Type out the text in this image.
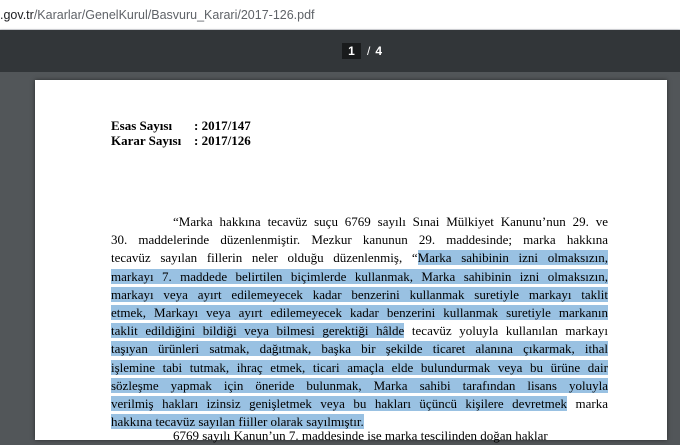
.gov.tr/Kararlar/GenelKurul/Basvuru_Karari/2017-126.pdf
1	/ 4
Esas Sayısı : 2017/147
Karar Sayısı : 2017/126
“Marka hakkına tecavüz suçu 6769 sayılı Sınai Mülkiyet Kanunu’nun 29. ve
30. maddelerinde düzenlenmiştir. Mezkur kanunun 29. maddesinde; marka hakkına
tecavüz sayılan fillerin neler olduğu düzenlenmiş, “Marka sahibinin izni olmaksızın,
markayı 7. maddede belirtilen biçimlerde kullanmak, Marka sahibinin izni olmaksızın,
markayı veya ayırt edilemeyecek kadar benzerini kullanmak suretiyle markayı taklit
etmek, Markayı veya ayırt edilemeyecek kadar benzerini kullanmak suretiyle markanın
taklit edildiğini bildiği veya bilmesi gerektiği hâlde tecavüz yoluyla kullanılan markayı
taşıyan ürünleri satmak, dağıtmak, başka bir şekilde ticaret alanına çıkarmak, ithal
işlemine tabi tutmak, ihraç etmek, ticari amaçla elde bulundurmak veya bu ürüne dair
sözleşme yapmak için öneride bulunmak, Marka sahibi tarafından lisans yoluyla
verilmiş hakları izinsiz genişletmek veya bu hakları üçüncü kişilere devretmek marka
hakkına tecavüz sayılan fiiller olarak sayılmıştır.
6769 sayılı Kanun’un 7. maddesinde ise marka tescilinden doğan haklar
